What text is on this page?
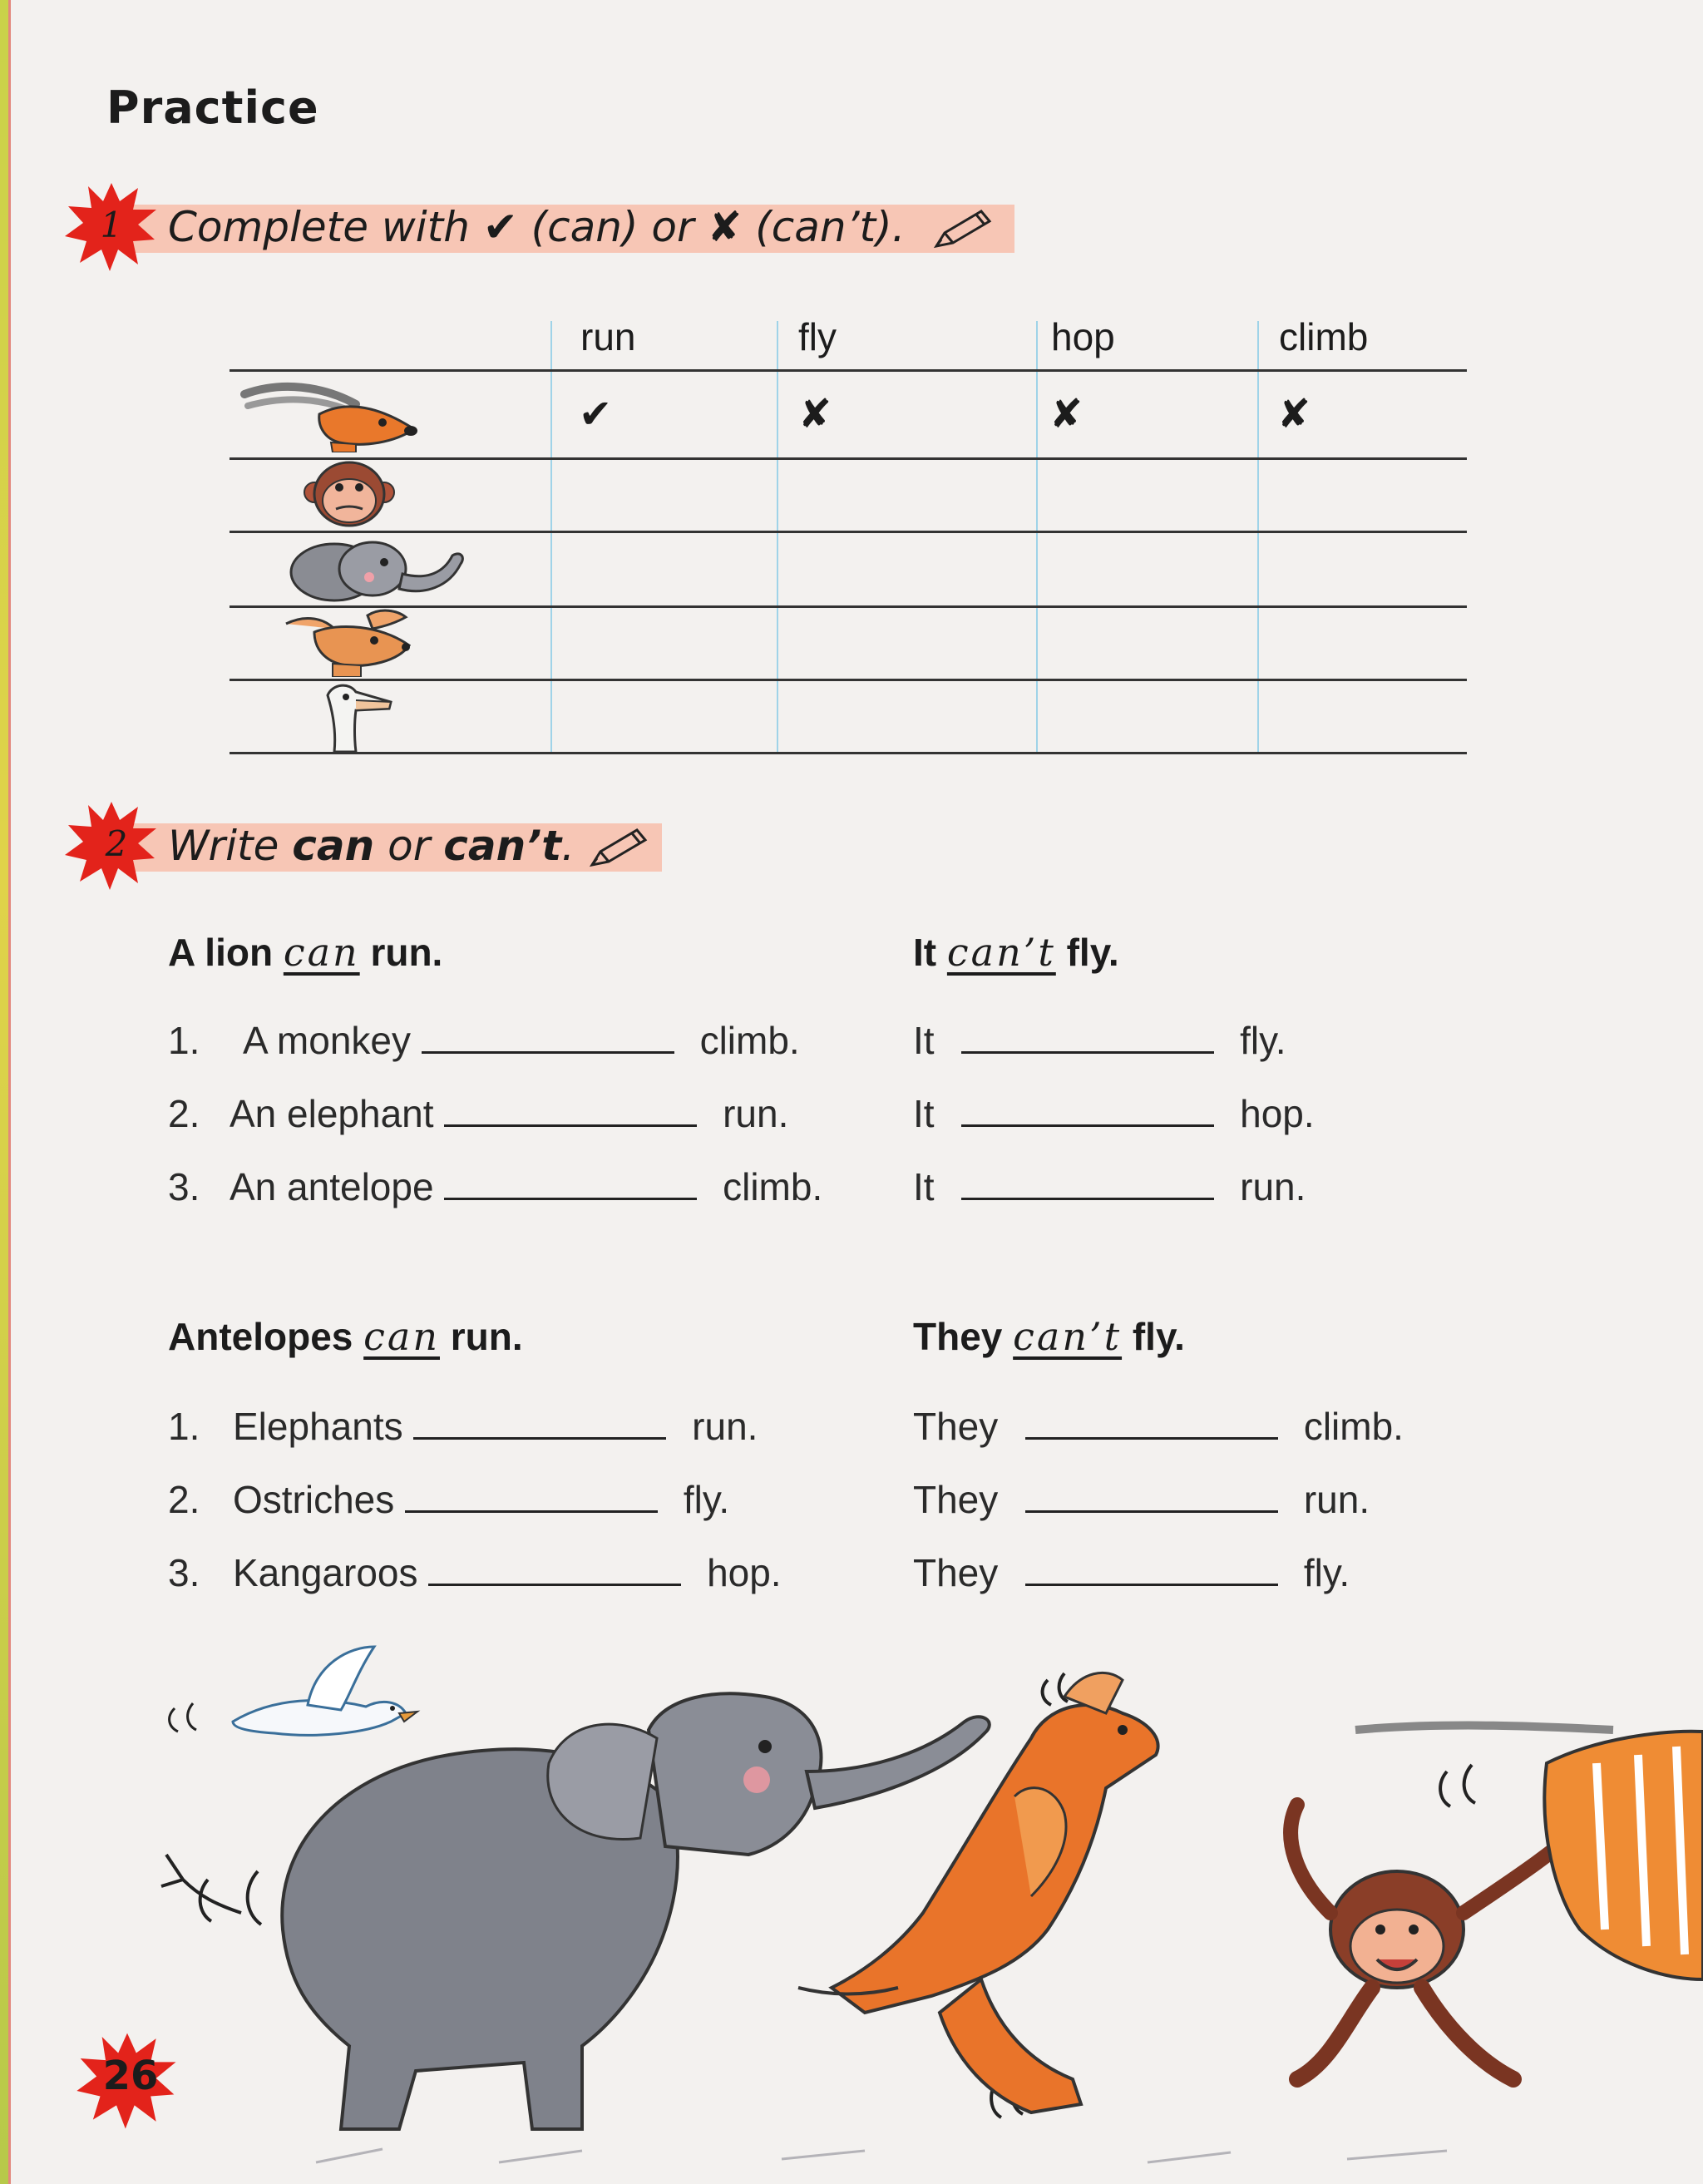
Practice
1	Complete with ✔ (can) or ✘ (can’t).
run	fly	hop	climb
✔	✘	✘	✘
2 Write can or can’t.
A lion can run.	It can’t fly.
1. A monkey	climb.
2. An elephant	run.
3. An antelope	climb.
It	fly.
It	hop.
It	run.
Antelopes can run.	They can’t fly.
1. Elephants	run.
2. Ostriches	fly.
3. Kangaroos	hop.
They	climb.
They	run.
They	fly.
26
